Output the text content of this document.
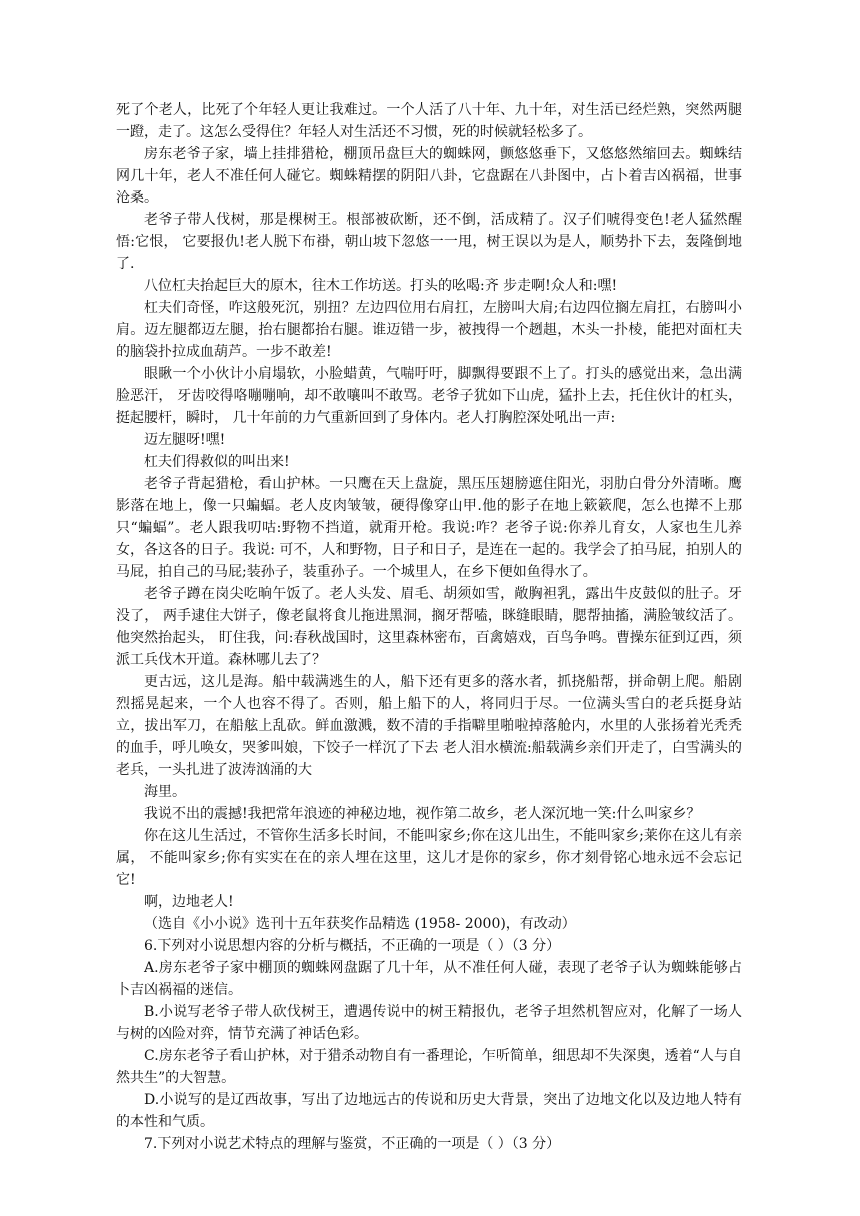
死了个老人，比死了个年轻人更让我难过。一个人活了八十年、九十年，对生活已经烂熟，突然两腿一蹬，走了。这怎么受得住？年轻人对生活还不习惯，死的时候就轻松多了。

房东老爷子家，墙上挂排猎枪，棚顶吊盘巨大的蜘蛛网，颤悠悠垂下，又悠悠然缩回去。蜘蛛结网几十年，老人不准任何人碰它。蜘蛛精摆的阴阳八卦，它盘踞在八卦图中，占卜着吉凶祸福，世事沧桑。

老爷子带人伐树，那是棵树王。根部被砍断，还不倒，活成精了。汉子们唬得变色!老人猛然醒悟:它恨， 它要报仇!老人脱下布褂，朝山坡下忽悠一一甩，树王误以为是人，顺势扑下去，轰隆倒地了.

八位杠夫抬起巨大的原木，往木工作坊送。打头的吆喝:齐 步走啊!众人和:嘿!

杠夫们奇怪，咋这般死沉，别扭？左边四位用右肩扛，左膀叫大肩;右边四位搁左肩扛，右膀叫小肩。迈左腿都迈左腿，抬右腿都抬右腿。谁迈错一步，被拽得一个趔趄，木头一扑棱，能把对面杠夫的脑袋扑拉成血葫芦。一步不敢差!

眼瞅一个小伙计小肩塌软，小脸蜡黄，气喘吁吁，脚飘得要跟不上了。打头的感觉出来，急出满脸恶汗， 牙齿咬得咯嘣嘣响，却不敢嚷叫不敢骂。老爷子犹如下山虎，猛扑上去，托住伙计的杠头，挺起腰杆，瞬时， 几十年前的力气重新回到了身体内。老人打胸腔深处吼出一声:

迈左腿呀!嘿!

杠夫们得救似的叫出来!

老爷子背起猎枪，看山护林。一只鹰在天上盘旋，黑压压翅膀遮住阳光，羽肋白骨分外清晰。鹰影落在地上，像一只蝙蝠。老人皮肉皱皱，硬得像穿山甲.他的影子在地上簌簌爬，怎么也撵不上那只“蝙蝠”。老人跟我叨咕:野物不挡道，就甭开枪。我说:咋？老爷子说:你养儿育女，人家也生儿养女，各这各的日子。我说: 可不，人和野物，日子和日子，是连在一起的。我学会了拍马屁，拍别人的马屁，拍自己的马屁;装孙子，装重孙子。一个城里人，在乡下便如鱼得水了。

老爷子蹲在岗尖吃晌午饭了。老人头发、眉毛、胡须如雪，敞胸袒乳，露出牛皮鼓似的肚子。牙没了， 两手逮住大饼子，像老鼠将食儿拖进黑洞，搁牙帮嗑，眯缝眼睛，腮帮抽搐，满脸皱纹活了。他突然抬起头， 盯住我，问:春秋战国时，这里森林密布，百禽嬉戏，百鸟争鸣。曹操东征到辽西，须派工兵伐木开道。森林哪儿去了？

更古远，这儿是海。船中载满逃生的人，船下还有更多的落水者，抓挠船帮，拼命朝上爬。船剧烈摇晃起来，一个人也容不得了。否则，船上船下的人，将同归于尽。一位满头雪白的老兵挺身站立，拔出军刀，在船舷上乱砍。鲜血激溅，数不清的手指噼里啪啦掉落舱内，水里的人张扬着光秃秃的血手，呼儿唤女，哭爹叫娘，下饺子一样沉了下去 老人泪水横流:船载满乡亲们开走了，白雪满头的老兵，一头扎进了波涛汹涌的大

海里。

我说不出的震撼!我把常年浪迹的神秘边地，视作第二故乡，老人深沉地一笑:什么叫家乡？

你在这儿生活过，不管你生活多长时间，不能叫家乡;你在这儿出生，不能叫家乡;莱你在这儿有亲属， 不能叫家乡;你有实实在在的亲人埋在这里，这儿才是你的家乡，你才刻骨铭心地永远不会忘记它!

啊，边地老人!

（选自《小小说》选刊十五年获奖作品精选 (1958- 2000)，有改动）

6.下列对小说思想内容的分析与概括，不正确的一项是（ ）（3 分）

A.房东老爷子家中棚顶的蜘蛛网盘踞了几十年，从不准任何人碰，表现了老爷子认为蜘蛛能够占卜吉凶祸福的迷信。

B.小说写老爷子带人砍伐树王，遭遇传说中的树王精报仇，老爷子坦然机智应对，化解了一场人与树的凶险对弈，情节充满了神话色彩。

C.房东老爷子看山护林，对于猎杀动物自有一番理论，乍听简单，细思却不失深奥，透着“人与自然共生”的大智慧。

D.小说写的是辽西故事，写出了边地远古的传说和历史大背景，突出了边地文化以及边地人特有的本性和气质。

7.下列对小说艺术特点的理解与鉴赏，不正确的一项是（ ）（3 分）
